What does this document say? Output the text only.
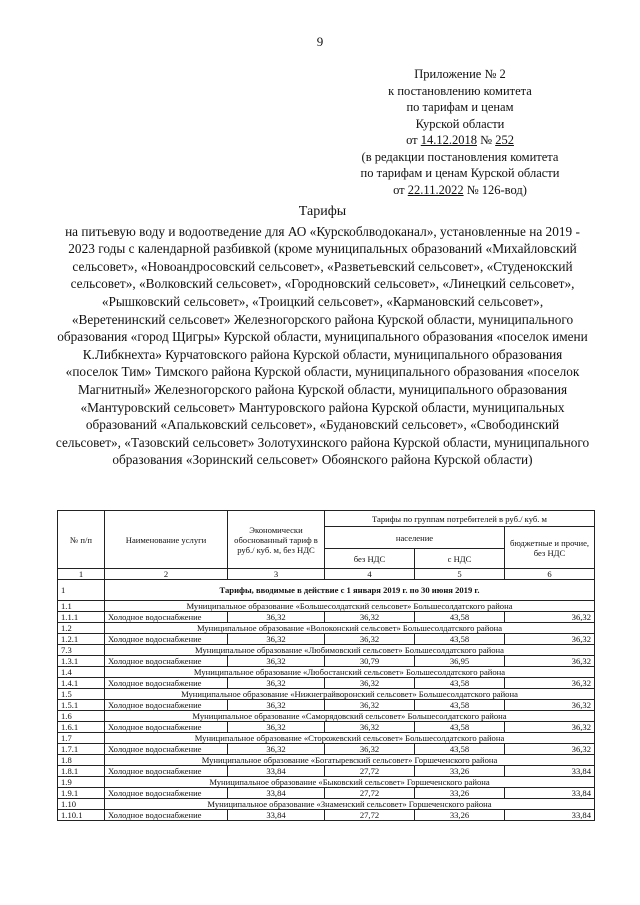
9
Приложение № 2
к постановлению комитета
по тарифам и ценам
Курской области
от 14.12.2018 № 252
(в редакции постановления комитета
по тарифам и ценам Курской области
от 22.11.2022 № 126-вод)
Тарифы
на питьевую воду и водоотведение для АО «Курскоблводоканал», установленные на 2019 - 2023 годы с календарной разбивкой (кроме муниципальных образований «Михайловский сельсовет», «Новоандросовский сельсовет», «Разветьевский сельсовет», «Студенокский сельсовет», «Волковский сельсовет», «Городновский сельсовет», «Линецкий сельсовет», «Рышковский сельсовет», «Троицкий сельсовет», «Кармановский сельсовет», «Веретенинский сельсовет» Железногорского района Курской области, муниципального образования «город Щигры» Курской области, муниципального образования «поселок имени К.Либкнехта» Курчатовского района Курской области, муниципального образования «поселок Тим» Тимского района Курской области, муниципального образования «поселок Магнитный» Железногорского района Курской области, муниципального образования «Мантуровский сельсовет» Мантуровского района Курской области, муниципальных образований «Апальковский сельсовет», «Будановский сельсовет», «Свободинский сельсовет», «Тазовский сельсовет» Золотухинского района Курской области, муниципального образования «Зоринский сельсовет» Обоянского района Курской области)
№ п/п	Наименование услуги	Экономически обоснованный тариф в руб./ куб. м, без НДС	Тарифы по группам потребителей в руб./ куб. м		
			население		бюджетные и прочие, без НДС
			без НДС	с НДС	
1	2	3	4	5	6
1	Тарифы, вводимые в действие с 1 января 2019 г. по 30 июня 2019 г.				
1.1	Муниципальное образование «Большесолдатский сельсовет» Большесолдатского района				
1.1.1	Холодное водоснабжение	36,32	36,32	43,58	36,32
1.2	Муниципальное образование «Волоконский сельсовет» Большесолдатского района				
1.2.1	Холодное водоснабжение	36,32	36,32	43,58	36,32
7.3	Муниципальное образование «Любимовский сельсовет» Большесолдатского района				
1.3.1	Холодное водоснабжение	36,32	30,79	36,95	36,32
1.4	Муниципальное образование «Любостанский сельсовет» Большесолдатского района				
1.4.1	Холодное водоснабжение	36,32	36,32	43,58	36,32
1.5	Муниципальное образование «Нижнеграйворонский сельсовет» Большесолдатского района				
1.5.1	Холодное водоснабжение	36,32	36,32	43,58	36,32
1.6	Муниципальное образование «Саморядовский сельсовет» Большесолдатского района				
1.6.1	Холодное водоснабжение	36,32	36,32	43,58	36,32
1.7	Муниципальное образование «Сторожевский сельсовет» Большесолдатского района				
1.7.1	Холодное водоснабжение	36,32	36,32	43,58	36,32
1.8	Муниципальное образование «Богатыревский сельсовет» Горшеченского района				
1.8.1	Холодное водоснабжение	33,84	27,72	33,26	33,84
1.9	Муниципальное образование «Быковский сельсовет» Горшеченского района				
1.9.1	Холодное водоснабжение	33,84	27,72	33,26	33,84
1.10	Муниципальное образование «Знаменский сельсовет» Горшеченского района				
1.10.1	Холодное водоснабжение	33,84	27,72	33,26	33,84
